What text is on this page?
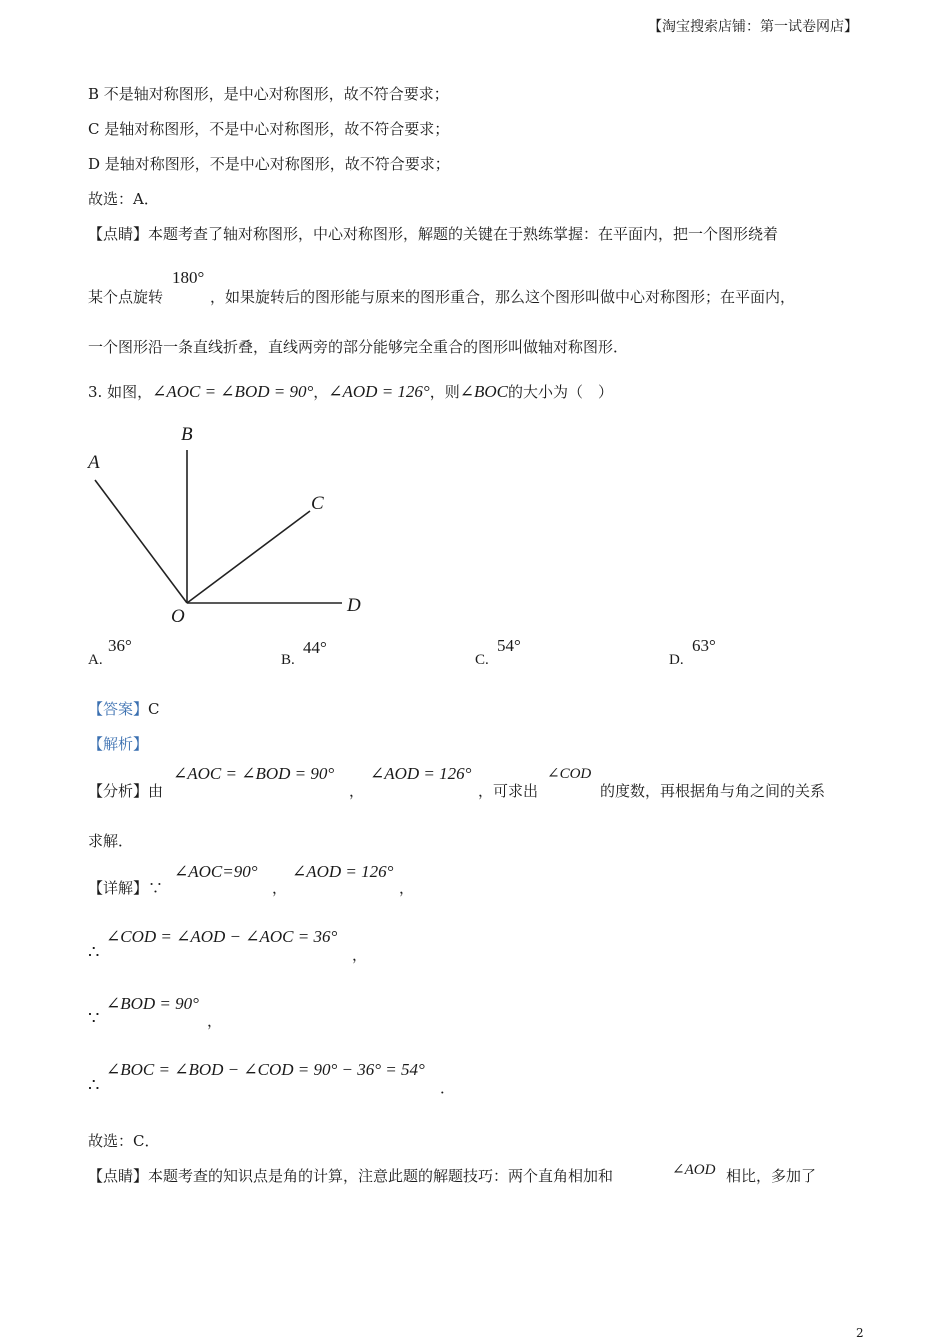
【淘宝搜索店铺：第一试卷网店】
B 不是轴对称图形，是中心对称图形，故不符合要求；
C 是轴对称图形，不是中心对称图形，故不符合要求；
D 是轴对称图形，不是中心对称图形，故不符合要求；
故选：A．
【点睛】本题考查了轴对称图形，中心对称图形，解题的关键在于熟练掌握：在平面内，把一个图形绕着
某个点旋转
180°
，如果旋转后的图形能与原来的图形重合，那么这个图形叫做中心对称图形；在平面内，
一个图形沿一条直线折叠，直线两旁的部分能够完全重合的图形叫做轴对称图形．
3. 如图，∠AOC = ∠BOD = 90°，∠AOD = 126°，则∠BOC的大小为（　）
A
B
C
D
O
A.
36°
B.
44°
C.
54°
D.
63°
【答案】C
【解析】
【分析】由
∠AOC = ∠BOD = 90°
，
∠AOD = 126°
，可求出
∠COD
的度数，再根据角与角之间的关系
求解．
【详解】∵
∠AOC=90°
，
∠AOD = 126°
，
∴
∠COD = ∠AOD − ∠AOC = 36°
，
∵
∠BOD = 90°
，
∴
∠BOC = ∠BOD − ∠COD = 90° − 36° = 54°
．
故选：C．
【点睛】本题考查的知识点是角的计算，注意此题的解题技巧：两个直角相加和	∠AOD 相比，多加了
2
